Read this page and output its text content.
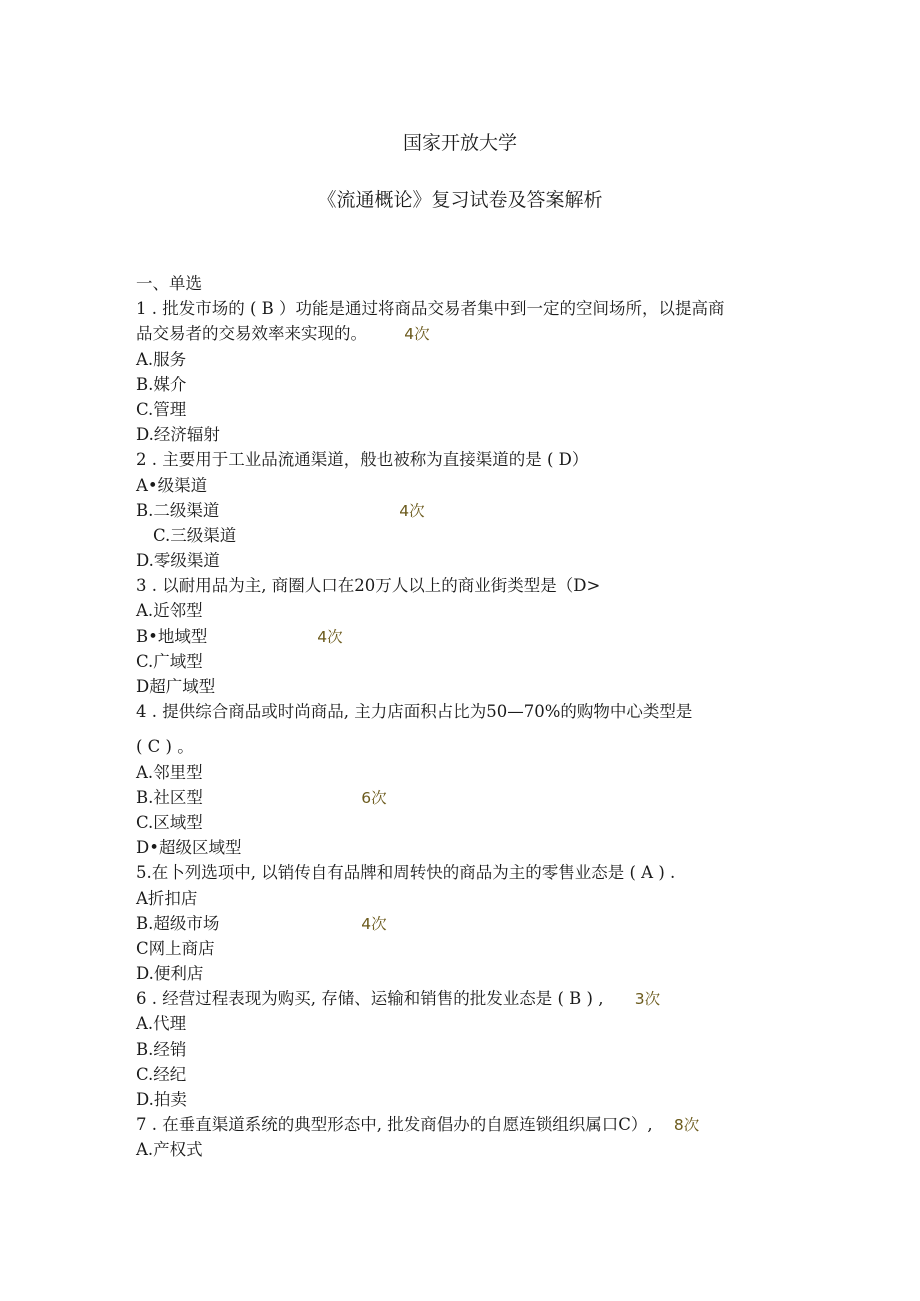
国家开放大学
《流通概论》复习试卷及答案解析
一、单选
1 . 批发市场的 ( B ）功能是通过将商品交易者集中到一定的空间场所，以提高商
品交易者的交易效率来实现的。 4次
A.服务
B.媒介
C.管理
D.经济辐射
2 . 主要用于工业品流通渠道，般也被称为直接渠道的是 ( D）
A•级渠道
B.二级渠道	4次
C.三级渠道
D.零级渠道
3 . 以耐用品为主, 商圈人口在20万人以上的商业街类型是（D>
A.近邻型
B•地域型	4次
C.广域型
D超广域型
4 . 提供综合商品或时尚商品, 主力店面积占比为50—70%的购物中心类型是
( C ) 。
A.邻里型
B.社区型	6次
C.区域型
D•超级区域型
5.在卜列选项中, 以销传自有品牌和周转快的商品为主的零售业态是 ( A ) .
A折扣店
B.超级市场	4次
C网上商店
D.便利店
6 . 经营过程表现为购买, 存储、运输和销售的批发业态是 ( B ) , 3次
A.代理
B.经销
C.经纪
D.拍卖
7 . 在垂直渠道系统的典型形态中, 批发商倡办的自愿连锁组织属口C）, 8次
A.产权式
